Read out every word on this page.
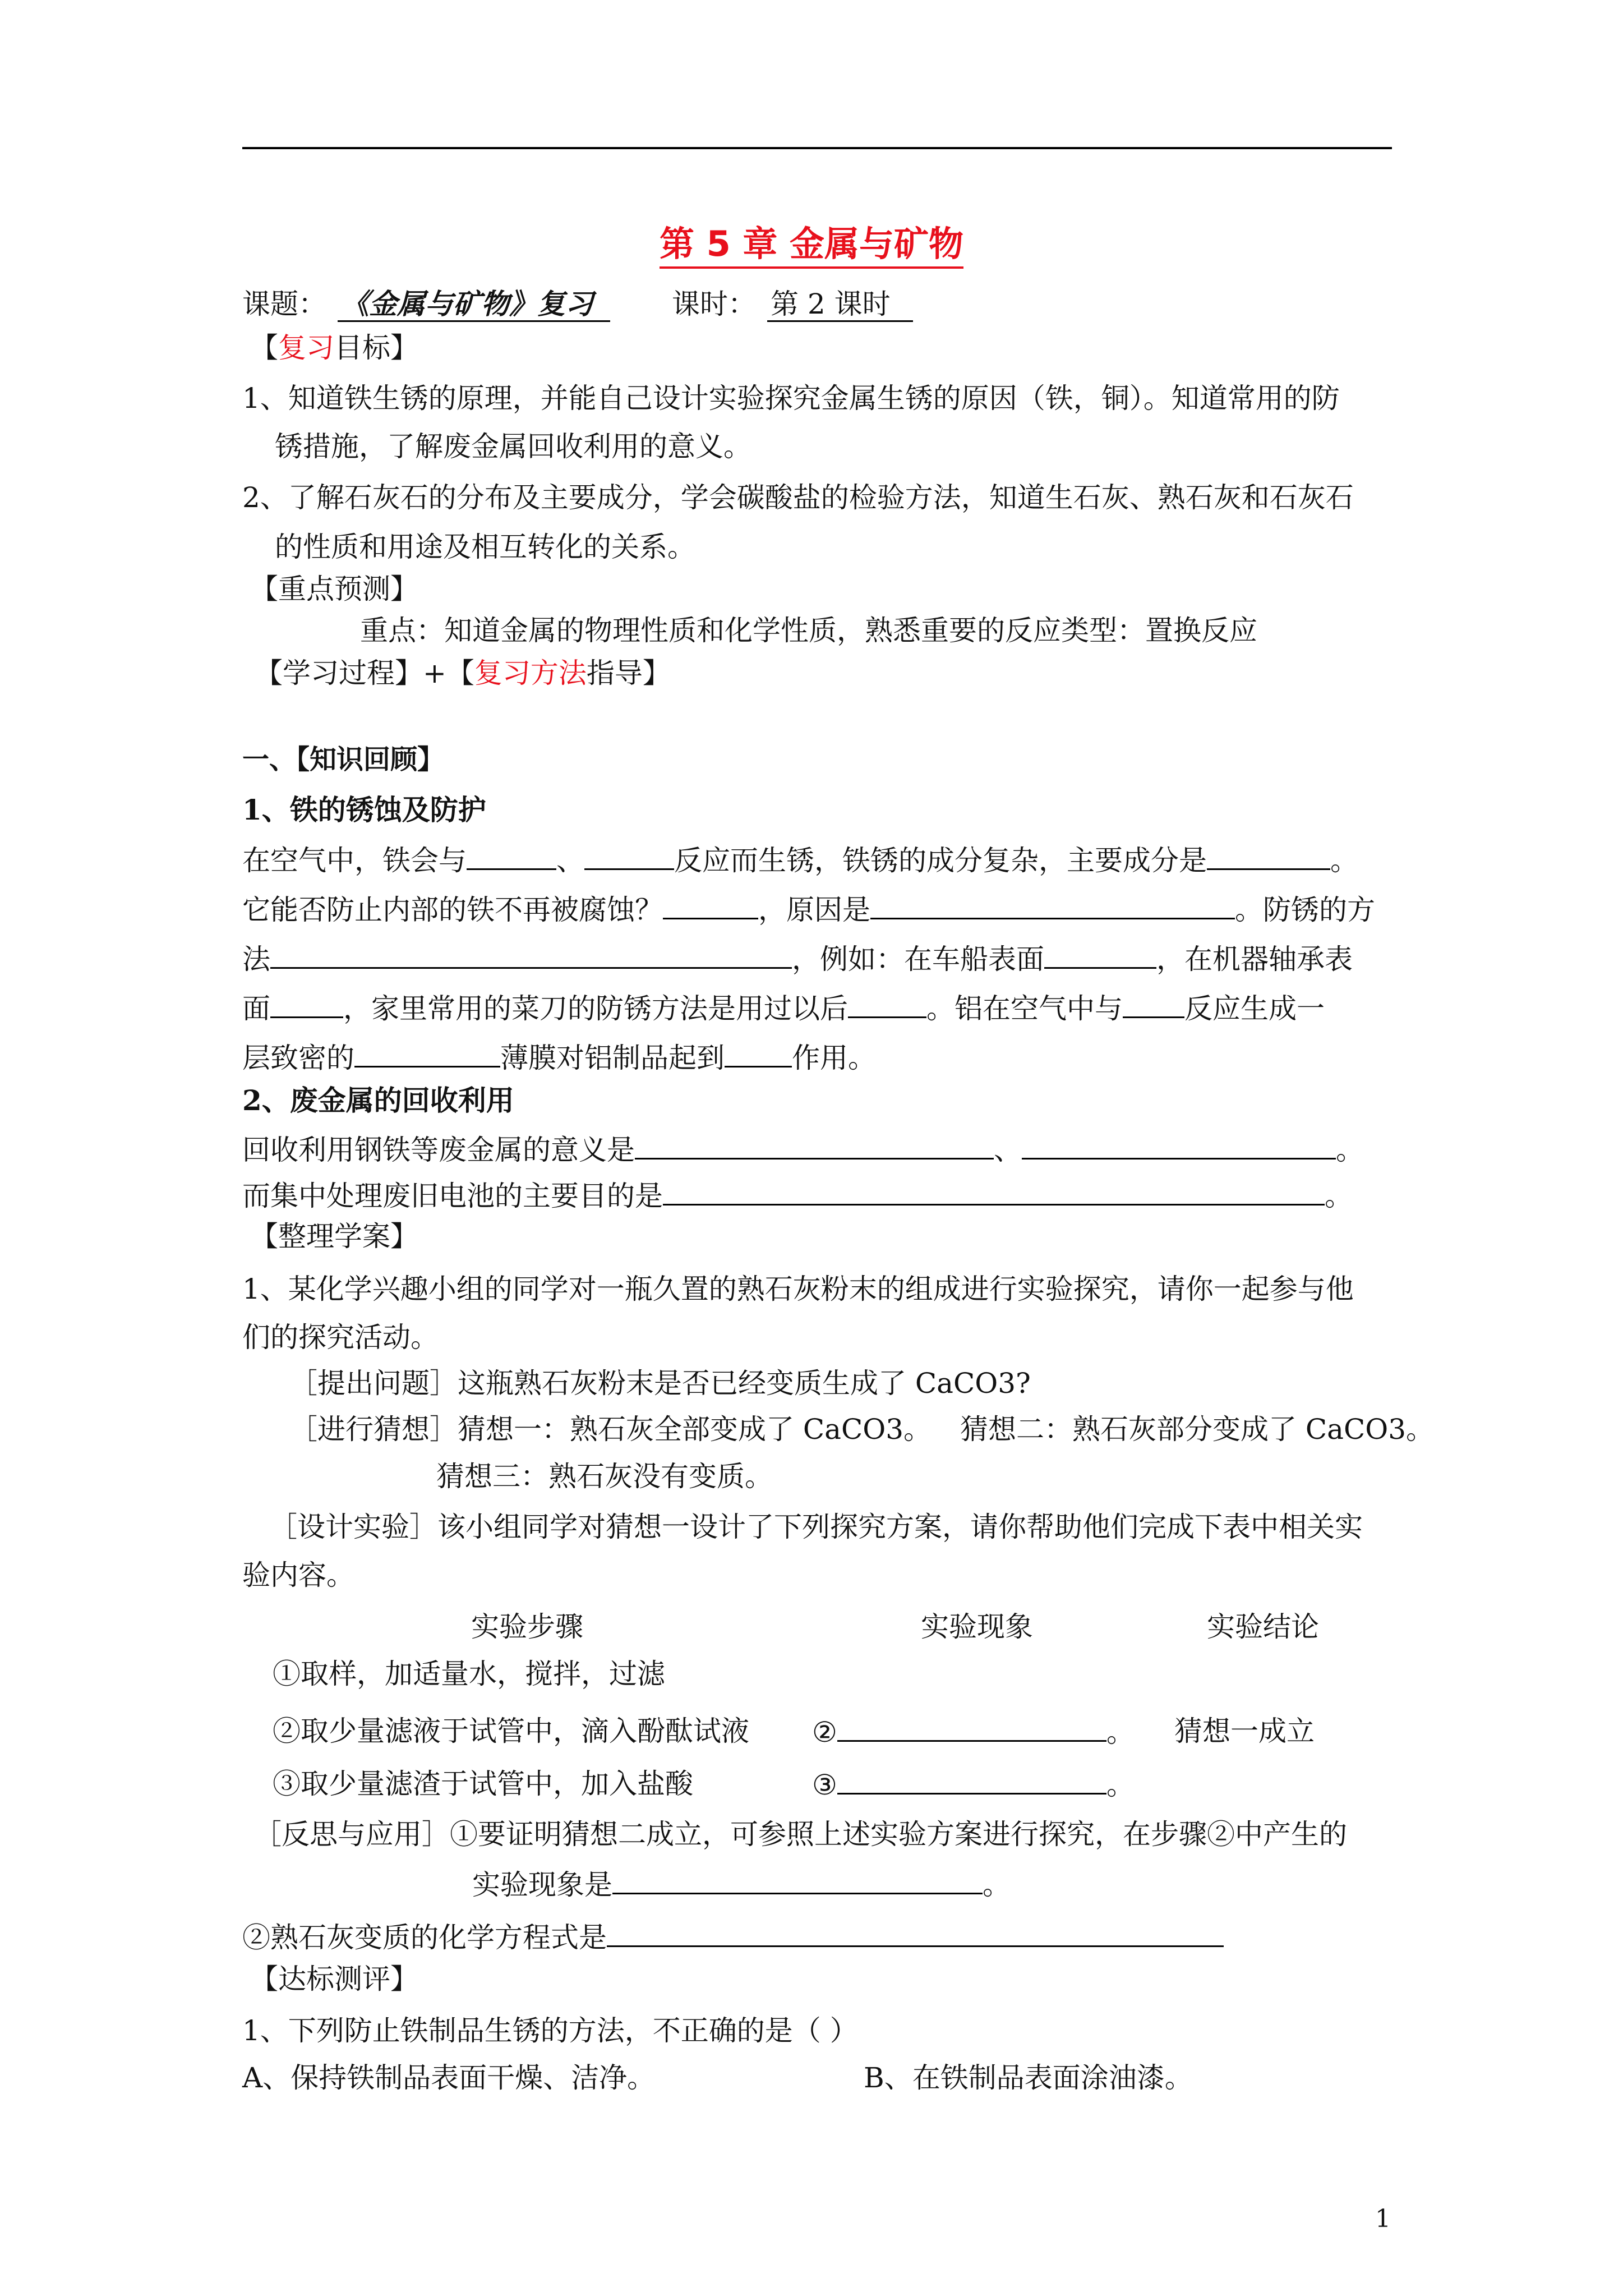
第 5 章 金属与矿物
课题： 《金属与矿物》复习	课时： 第 2 课时
【复习目标】
1、知道铁生锈的原理，并能自己设计实验探究金属生锈的原因（铁，铜）。知道常用的防
锈措施，了解废金属回收利用的意义。
2、了解石灰石的分布及主要成分，学会碳酸盐的检验方法，知道生石灰、熟石灰和石灰石
的性质和用途及相互转化的关系。
【重点预测】
重点：知道金属的物理性质和化学性质，熟悉重要的反应类型：置换反应
【学习过程】+【复习方法指导】
一、【知识回顾】
1、铁的锈蚀及防护
在空气中，铁会与	、	反应而生锈，铁锈的成分复杂，主要成分是	。
它能否防止内部的铁不再被腐蚀？	，原因是	。防锈的方
法	，例如：在车船表面	，在机器轴承表
面	，家里常用的菜刀的防锈方法是用过以后	。铝在空气中与 反应生成一
层致密的	薄膜对铝制品起到 作用。
2、废金属的回收利用
回收利用钢铁等废金属的意义是	、	。
而集中处理废旧电池的主要目的是	。
【整理学案】
1、某化学兴趣小组的同学对一瓶久置的熟石灰粉末的组成进行实验探究，请你一起参与他
们的探究活动。
［提出问题］这瓶熟石灰粉末是否已经变质生成了 CaCO3?
［进行猜想］猜想一：熟石灰全部变成了 CaCO3。 猜想二：熟石灰部分变成了 CaCO3。
猜想三：熟石灰没有变质。
［设计实验］该小组同学对猜想一设计了下列探究方案，请你帮助他们完成下表中相关实
验内容。
实验步骤	实验现象	实验结论
①取样，加适量水，搅拌，过滤
②取少量滤液于试管中，滴入酚酞试液 ②	。 猜想一成立
③取少量滤渣于试管中，加入盐酸	③	。
［反思与应用］①要证明猜想二成立，可参照上述实验方案进行探究，在步骤②中产生的
实验现象是	。
②熟石灰变质的化学方程式是
【达标测评】
1、下列防止铁制品生锈的方法，不正确的是（ ）
A、保持铁制品表面干燥、洁净。	B、在铁制品表面涂油漆。
1
